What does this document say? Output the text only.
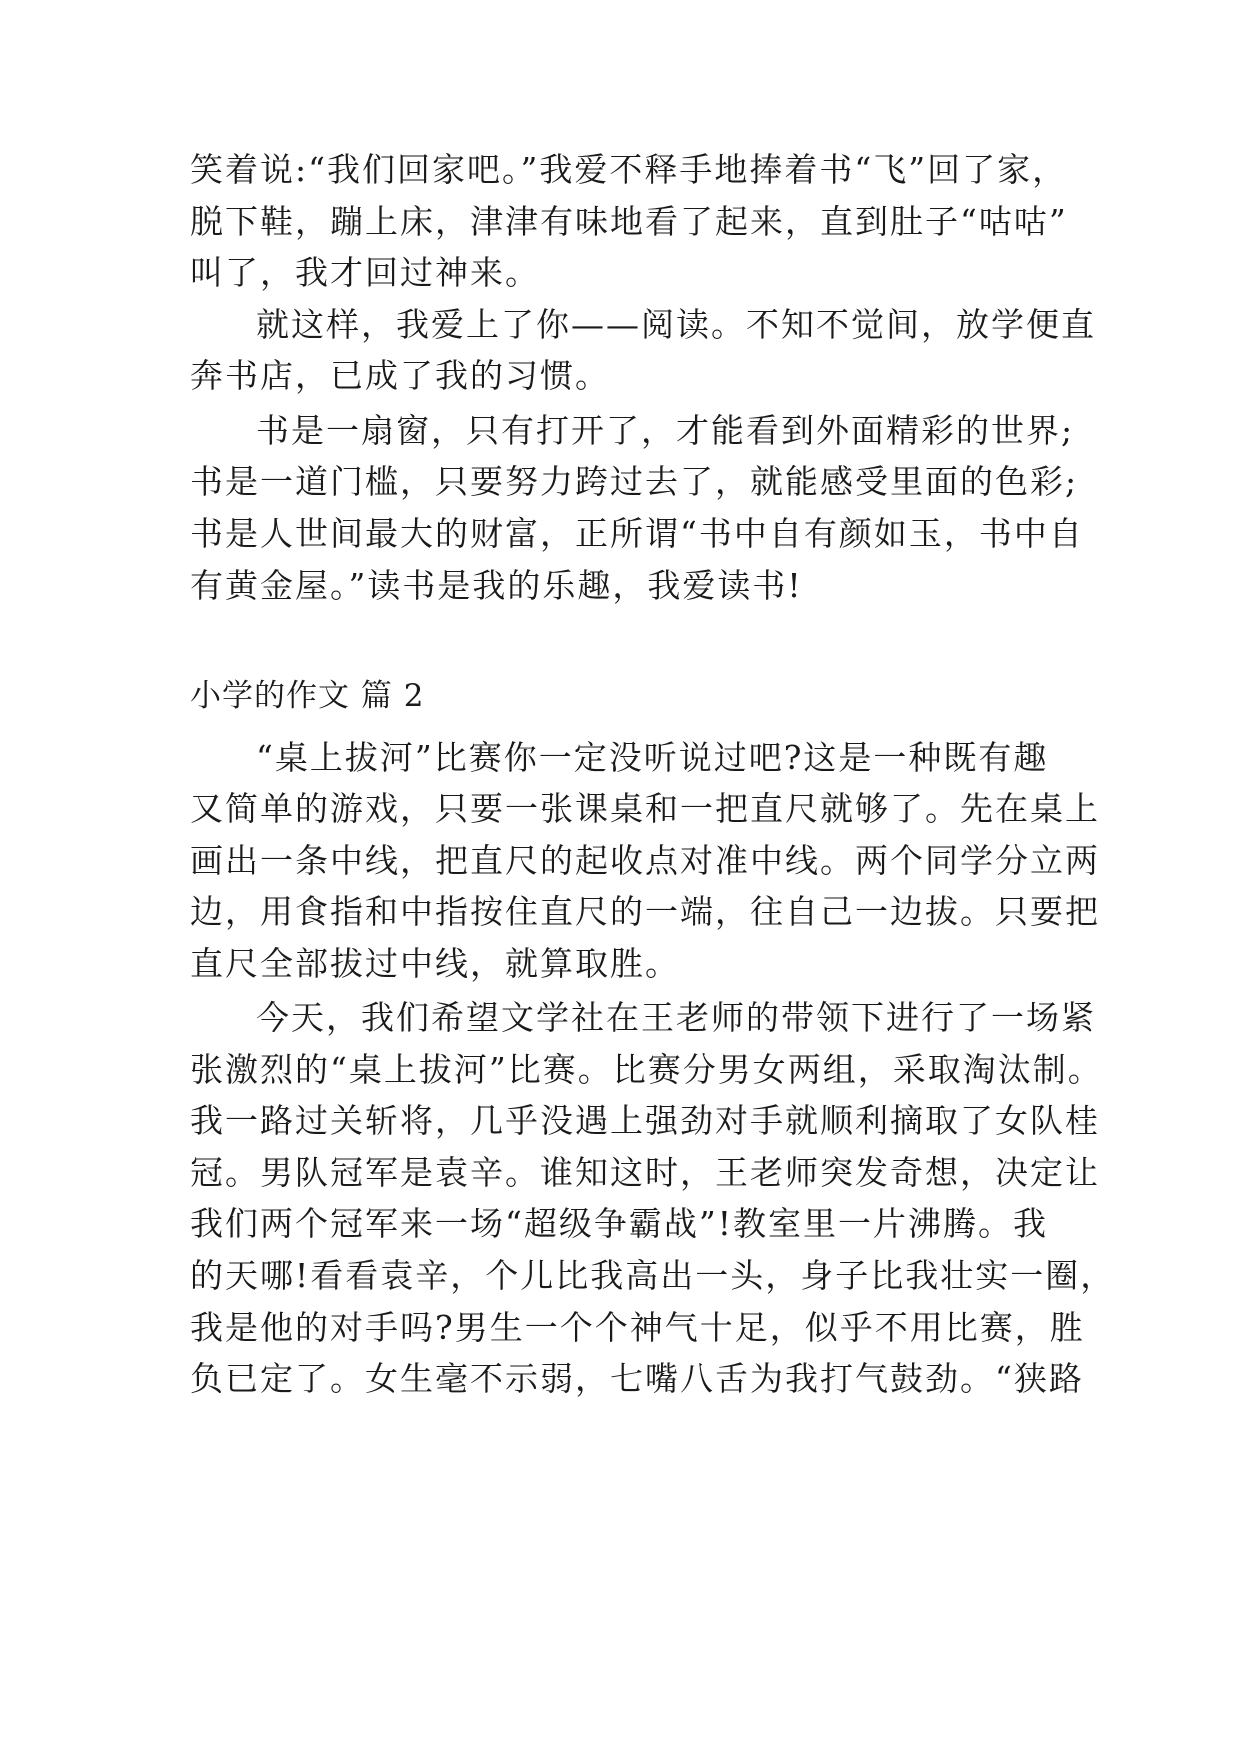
笑着说:“我们回家吧。”我爱不释手地捧着书“飞”回了家，
脱下鞋，蹦上床，津津有味地看了起来，直到肚子“咕咕”
叫了，我才回过神来。
就这样，我爱上了你——阅读。不知不觉间，放学便直
奔书店，已成了我的习惯。
书是一扇窗，只有打开了，才能看到外面精彩的世界;
书是一道门槛，只要努力跨过去了，就能感受里面的色彩;
书是人世间最大的财富，正所谓“书中自有颜如玉，书中自
有黄金屋。”读书是我的乐趣，我爱读书!
小学的作文 篇 2
“桌上拔河”比赛你一定没听说过吧?这是一种既有趣
又简单的游戏，只要一张课桌和一把直尺就够了。先在桌上
画出一条中线，把直尺的起收点对准中线。两个同学分立两
边，用食指和中指按住直尺的一端，往自己一边拔。只要把
直尺全部拔过中线，就算取胜。
今天，我们希望文学社在王老师的带领下进行了一场紧
张激烈的“桌上拔河”比赛。比赛分男女两组，采取淘汰制。
我一路过关斩将，几乎没遇上强劲对手就顺利摘取了女队桂
冠。男队冠军是袁辛。谁知这时，王老师突发奇想，决定让
我们两个冠军来一场“超级争霸战”!教室里一片沸腾。我
的天哪!看看袁辛，个儿比我高出一头，身子比我壮实一圈，
我是他的对手吗?男生一个个神气十足，似乎不用比赛，胜
负已定了。女生毫不示弱，七嘴八舌为我打气鼓劲。“狭路
